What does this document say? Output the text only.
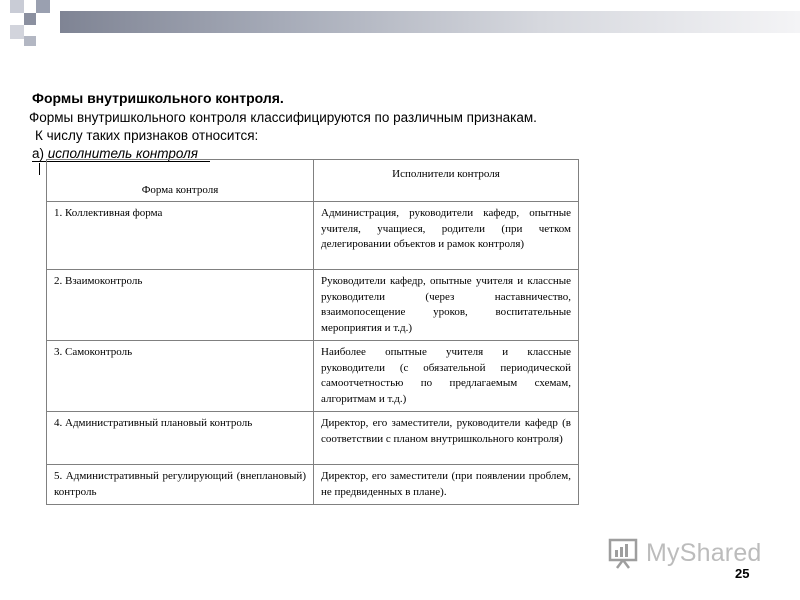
Формы внутришкольного контроля.
Формы внутришкольного контроля классифицируются по различным признакам.
К числу таких признаков относится:
а) исполнитель контроля
Форма контроля	Исполнители контроля
1. Коллективная форма	Администрация, руководители кафедр, опытные учителя, учащиеся, родители (при четком делегировании объектов и рамок контроля)
2. Взаимоконтроль	Руководители кафедр, опытные учителя и классные руководители (через наставничество, взаимопосещение уроков, воспитательные мероприятия и т.д.)
3. Самоконтроль	Наиболее опытные учителя и классные руководители (с обязательной периодической самоотчетностью по предлагаемым схемам, алгоритмам и т.д.)
4. Административный плановый контроль	Директор, его заместители, руководители кафедр (в соответствии с планом внутришкольного контроля)
5. Административный регулирующий (внеплановый) контроль	Директор, его заместители (при появлении проблем, не предвиденных в плане).
MyShared
25
